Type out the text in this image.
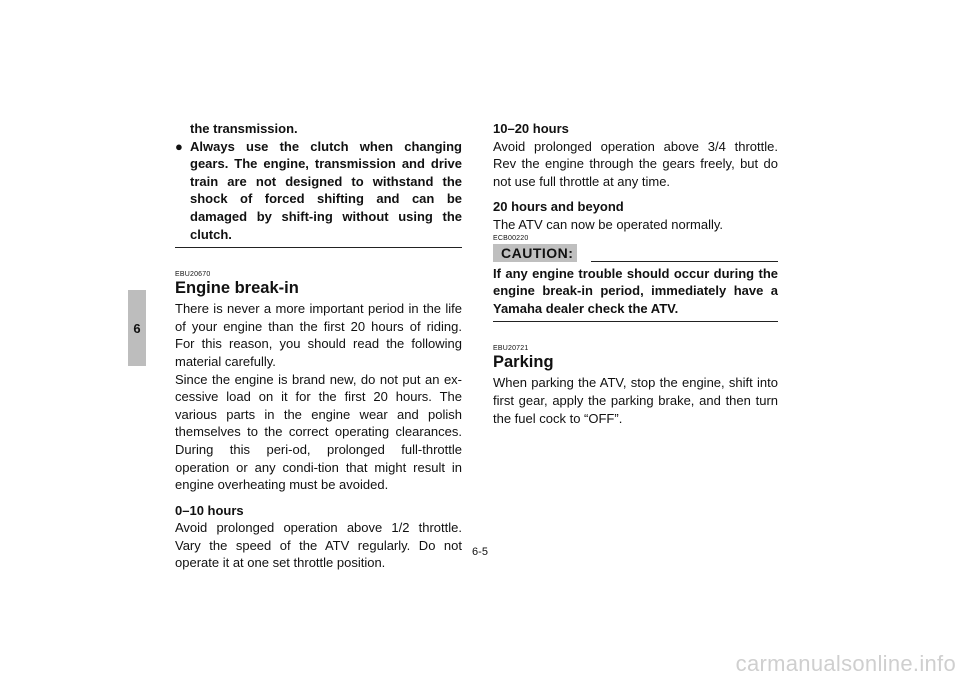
6

the transmission.

● Always use the clutch when changing gears. The engine, transmission and drive train are not designed to withstand the shock of forced shifting and can be damaged by shift-ing without using the clutch.

EBU20670
Engine break-in

There is never a more important period in the life of your engine than the first 20 hours of riding. For this reason, you should read the following material carefully.

Since the engine is brand new, do not put an ex-cessive load on it for the first 20 hours. The various parts in the engine wear and polish themselves to the correct operating clearances. During this peri-od, prolonged full-throttle operation or any condi-tion that might result in engine overheating must be avoided.

0–10 hours

Avoid prolonged operation above 1/2 throttle. Vary the speed of the ATV regularly. Do not operate it at one set throttle position.

10–20 hours

Avoid prolonged operation above 3/4 throttle. Rev the engine through the gears freely, but do not use full throttle at any time.

20 hours and beyond

The ATV can now be operated normally.

ECB00220
CAUTION:

If any engine trouble should occur during the engine break-in period, immediately have a Yamaha dealer check the ATV.

EBU20721
Parking

When parking the ATV, stop the engine, shift into first gear, apply the parking brake, and then turn the fuel cock to “OFF”.

6-5
carmanualsonline.info
